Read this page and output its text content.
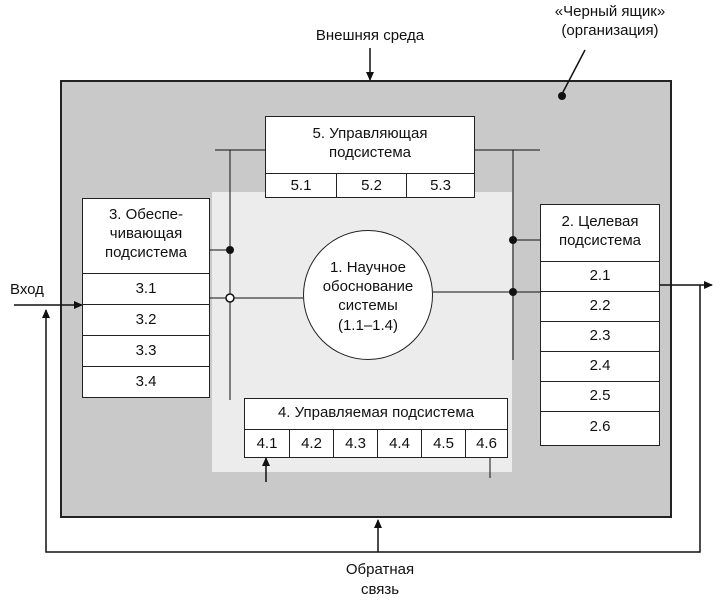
Внешняя среда
«Черный ящик»
(организация)
5. Управляющая
подсистема
5.1	5.2	5.3
3. Обеспе-
чивающая
подсистема
3.1
3.2
3.3
3.4
2. Целевая
подсистема
2.1
2.2
2.3
2.4
2.5
2.6
1. Научное
обоснование
системы
(1.1–1.4)
4. Управляемая подсистема
4.1	4.2	4.3	4.4	4.5	4.6
Вход
Обратная
связь
